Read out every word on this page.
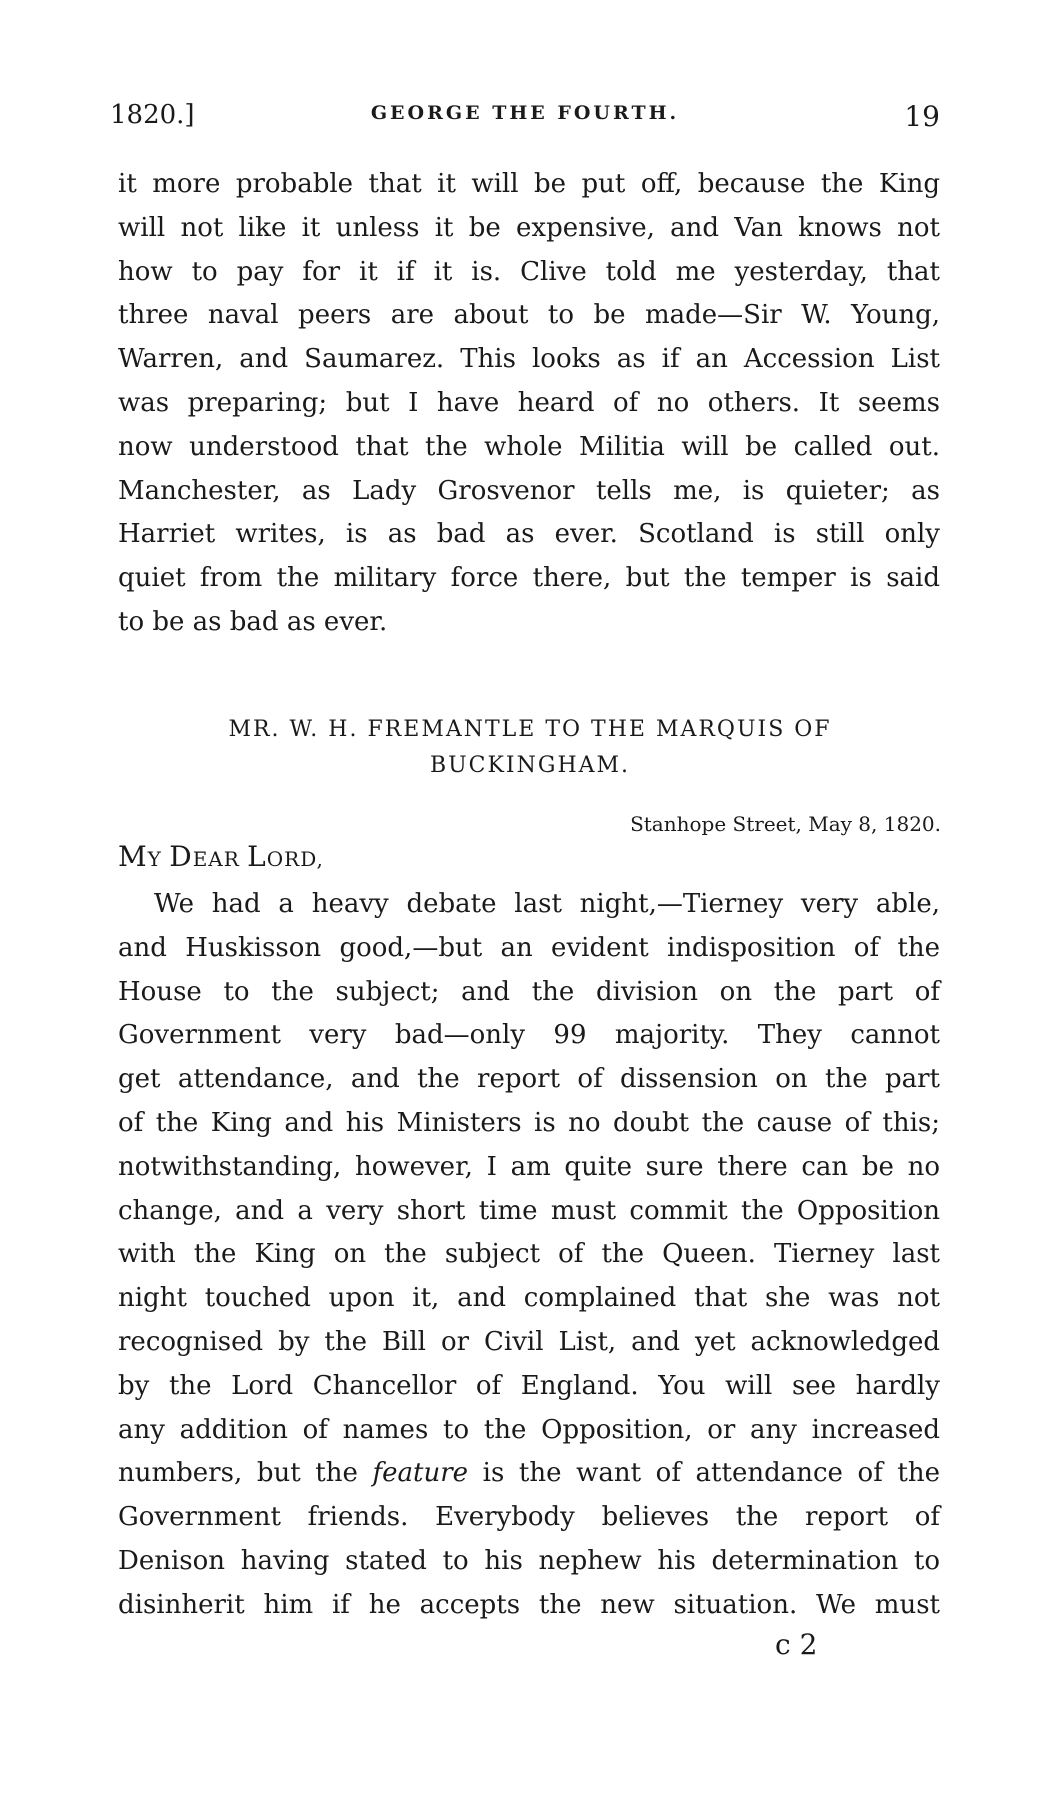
1820.]	GEORGE THE FOURTH.	19
it more probable that it will be put off, because the King
will not like it unless it be expensive, and Van knows not
how to pay for it if it is. Clive told me yesterday, that
three naval peers are about to be made—Sir W. Young,
Warren, and Saumarez. This looks as if an Accession List
was preparing; but I have heard of no others. It seems
now understood that the whole Militia will be called out.
Manchester, as Lady Grosvenor tells me, is quieter; as
Harriet writes, is as bad as ever. Scotland is still only
quiet from the military force there, but the temper is said
to be as bad as ever.
MR. W. H. FREMANTLE TO THE MARQUIS OF
BUCKINGHAM.
Stanhope Street, May 8, 1820.
MY DEAR LORD,
We had a heavy debate last night,—Tierney very able,
and Huskisson good,—but an evident indisposition of the
House to the subject; and the division on the part of
Government very bad—only 99 majority. They cannot
get attendance, and the report of dissension on the part
of the King and his Ministers is no doubt the cause of this;
notwithstanding, however, I am quite sure there can be no
change, and a very short time must commit the Opposition
with the King on the subject of the Queen. Tierney last
night touched upon it, and complained that she was not
recognised by the Bill or Civil List, and yet acknowledged
by the Lord Chancellor of England. You will see hardly
any addition of names to the Opposition, or any increased
numbers, but the feature is the want of attendance of the
Government friends. Everybody believes the report of
Denison having stated to his nephew his determination to
disinherit him if he accepts the new situation. We must
c 2
